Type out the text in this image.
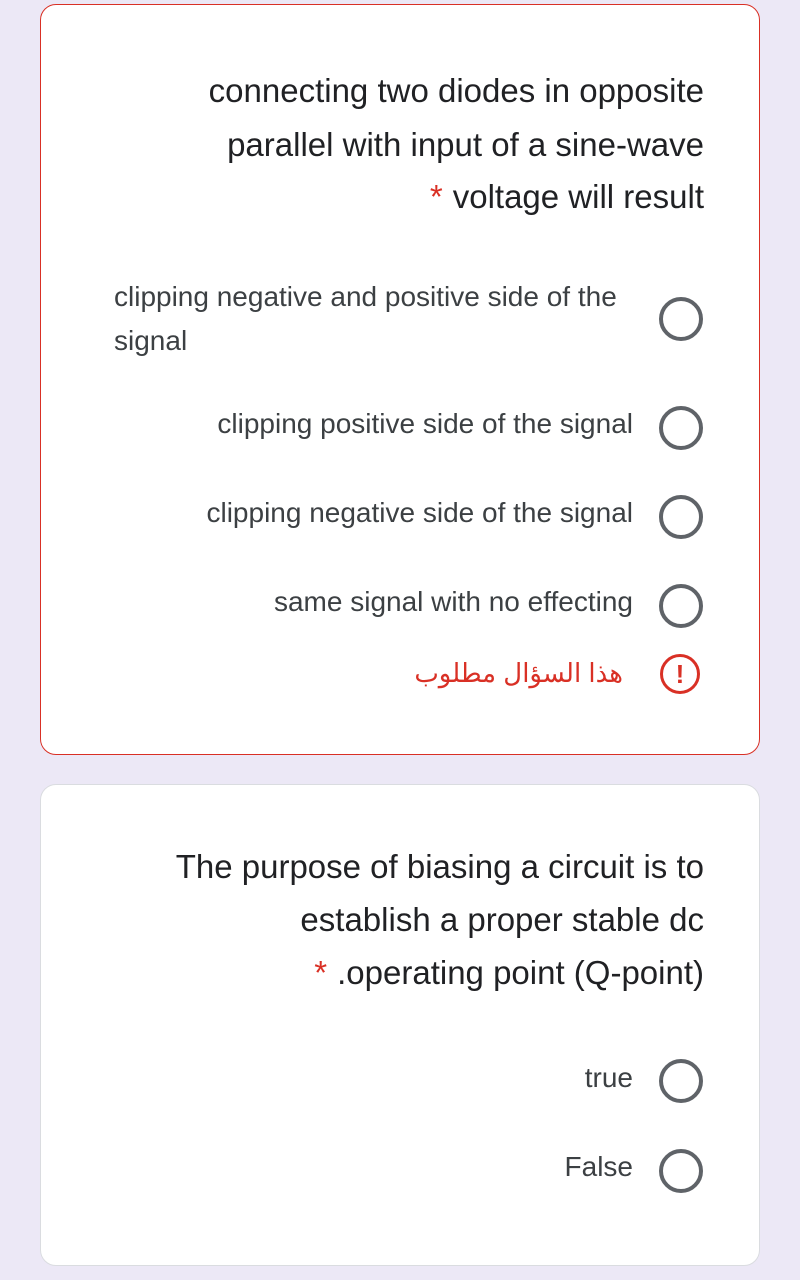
connecting two diodes in opposite
parallel with input of a sine-wave
* voltage will result
clipping negative and positive side of the signal
clipping positive side of the signal
clipping negative side of the signal
same signal with no effecting
!
هذا السؤال مطلوب
The purpose of biasing a circuit is to
establish a proper stable dc
* .operating point (Q-point)
true
False
